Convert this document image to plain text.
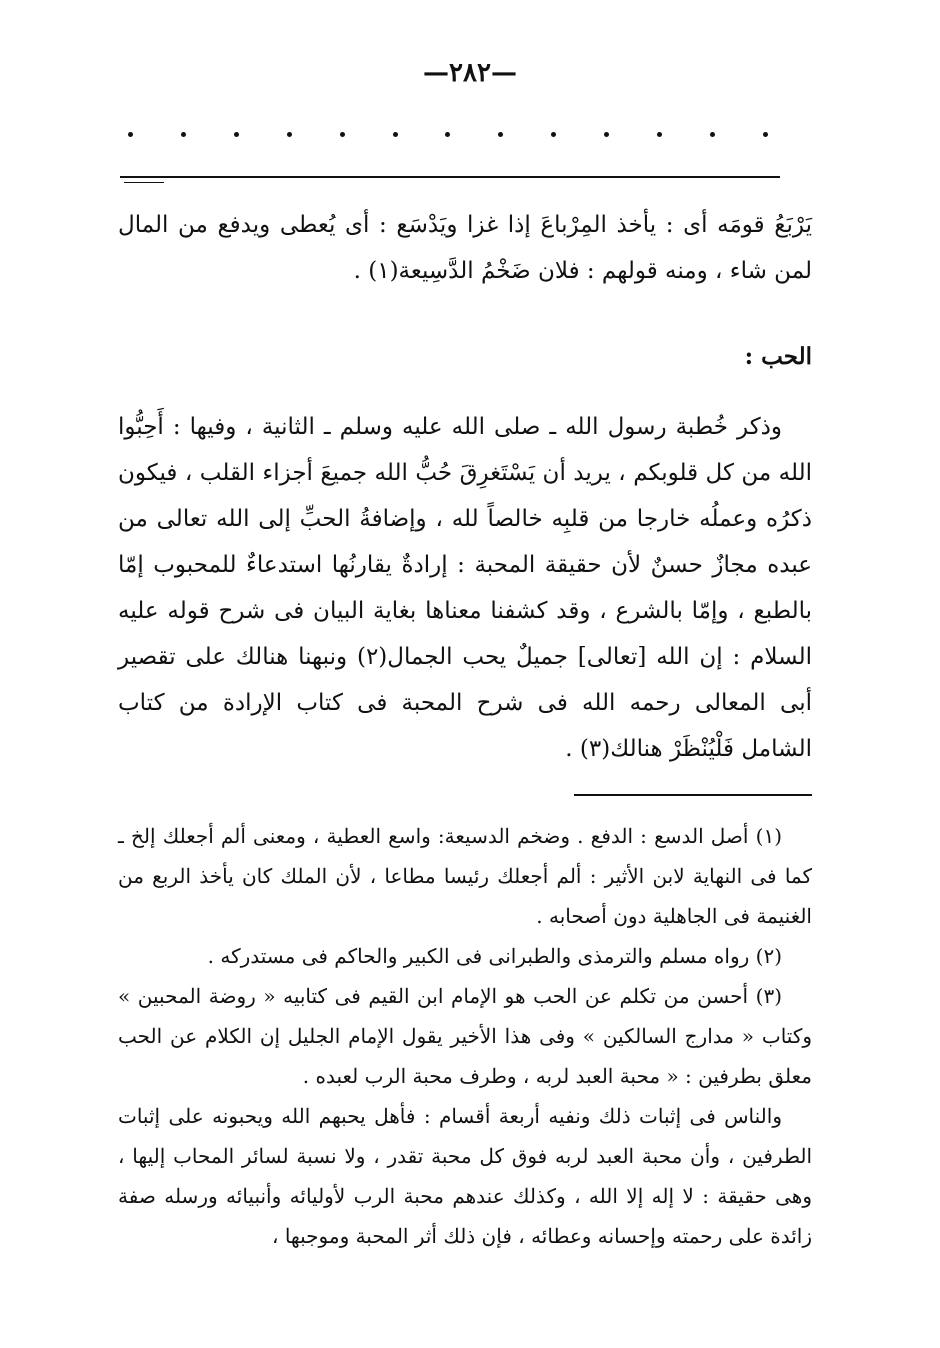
—٢٨٢—

يَرْبَعُ قومَه أى : يأخذ المِرْباعَ إذا غزا ويَدْسَع : أى يُعطى ويدفع من المال لمن شاء ، ومنه قولهم : فلان ضَخْمُ الدَّسِيعة(١) .

الحب :

وذكر خُطبة رسول الله ـ صلى الله عليه وسلم ـ الثانية ، وفيها : أَحِبُّوا الله من كل قلوبكم ، يريد أن يَسْتَغرِقَ حُبُّ الله جميعَ أجزاء القلب ، فيكون ذكرُه وعملُه خارجا من قلبِه خالصاً لله ، وإضافةُ الحبِّ إلى الله تعالى من عبده مجازٌ حسنٌ لأن حقيقة المحبة : إرادةٌ يقارنُها استدعاءٌ للمحبوب إمّا بالطبع ، وإمّا بالشرع ، وقد كشفنا معناها بغاية البيان فى شرح قوله عليه السلام : إن الله [تعالى] جميلٌ يحب الجمال(٢) ونبهنا هنالك على تقصير أبى المعالى رحمه الله فى شرح المحبة فى كتاب الإرادة من كتاب الشامل فَلْيُنْظَرْ هنالك(٣) .

(١) أصل الدسع : الدفع . وضخم الدسيعة: واسع العطية ، ومعنى ألم أجعلك إلخ ـ كما فى النهاية لابن الأثير : ألم أجعلك رئيسا مطاعا ، لأن الملك كان يأخذ الربع من الغنيمة فى الجاهلية دون أصحابه .

(٢) رواه مسلم والترمذى والطبرانى فى الكبير والحاكم فى مستدركه .

(٣) أحسن من تكلم عن الحب هو الإمام ابن القيم فى كتابيه « روضة المحبين » وكتاب « مدارج السالكين » وفى هذا الأخير يقول الإمام الجليل إن الكلام عن الحب معلق بطرفين : « محبة العبد لربه ، وطرف محبة الرب لعبده .

والناس فى إثبات ذلك ونفيه أربعة أقسام : فأهل يحبهم الله ويحبونه على إثبات الطرفين ، وأن محبة العبد لربه فوق كل محبة تقدر ، ولا نسبة لسائر المحاب إليها ، وهى حقيقة : لا إله إلا الله ، وكذلك عندهم محبة الرب لأوليائه وأنبيائه ورسله صفة زائدة على رحمته وإحسانه وعطائه ، فإن ذلك أثر المحبة وموجبها ،
